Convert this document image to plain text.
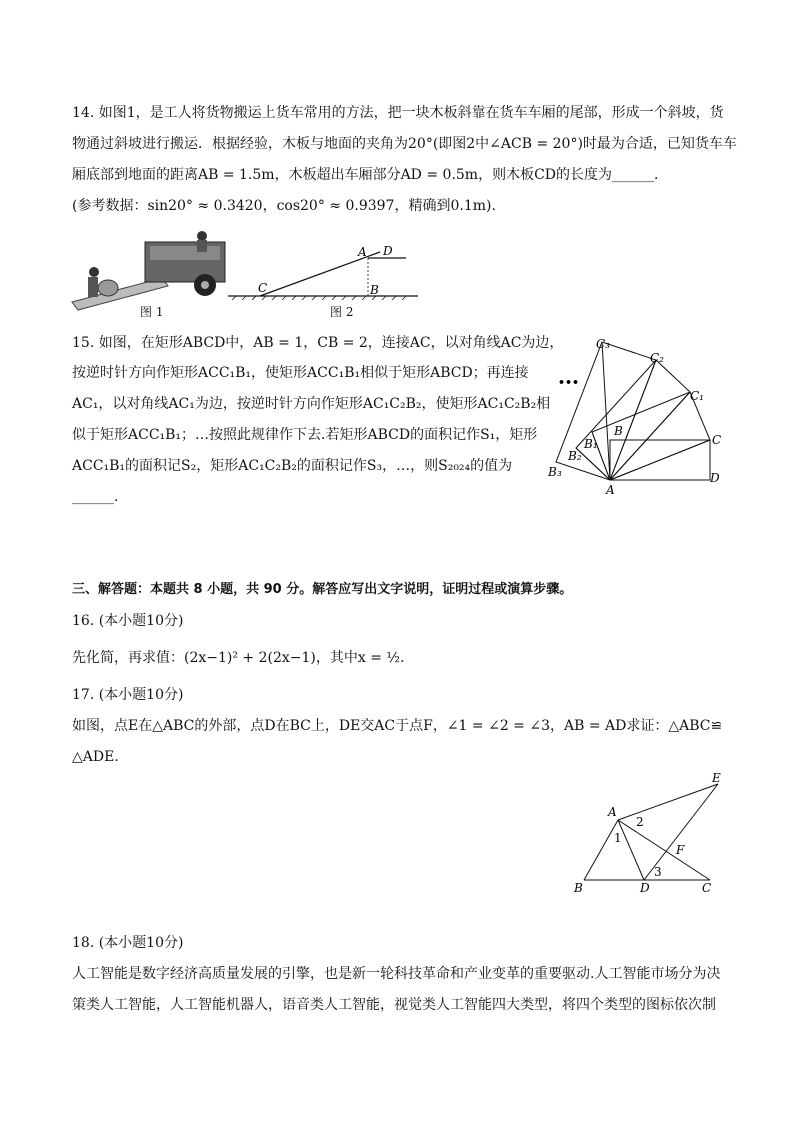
14. 如图1，是工人将货物搬运上货车常用的方法，把一块木板斜靠在货车车厢的尾部，形成一个斜坡，货
物通过斜坡进行搬运．根据经验，木板与地面的夹角为20°(即图2中∠ACB = 20°)时最为合适，已知货车车
厢底部到地面的距离AB = 1.5m，木板超出车厢部分AD = 0.5m，则木板CD的长度为______．
(参考数据：sin20° ≈ 0.3420，cos20° ≈ 0.9397，精确到0.1m)．
图 1
A D
C	B
图 2
15. 如图，在矩形ABCD中，AB = 1，CB = 2，连接AC，以对角线AC为边，
按逆时针方向作矩形ACC₁B₁，使矩形ACC₁B₁相似于矩形ABCD；再连接
AC₁，以对角线AC₁为边，按逆时针方向作矩形AC₁C₂B₂，使矩形AC₁C₂B₂相
似于矩形ACC₁B₁；…按照此规律作下去.若矩形ABCD的面积记作S₁，矩形
ACC₁B₁的面积记S₂，矩形AC₁C₂B₂的面积记作S₃，…，则S₂₀₂₄的值为
______.
C₃
C₂
C₁
C
B
B₁
B₂
B₃
A
D
•••
三、解答题：本题共 8 小题，共 90 分。解答应写出文字说明，证明过程或演算步骤。
16. (本小题10分)
先化简，再求值：(2x−1)² + 2(2x−1)，其中x = ½.
17. (本小题10分)
如图，点E在△ABC的外部，点D在BC上，DE交AC于点F，∠1 = ∠2 = ∠3，AB = AD求证：△ABC≌
△ADE.
E
A
2
1
F
3
B	D	C
18. (本小题10分)
人工智能是数字经济高质量发展的引擎，也是新一轮科技革命和产业变革的重要驱动.人工智能市场分为决
策类人工智能，人工智能机器人，语音类人工智能，视觉类人工智能四大类型，将四个类型的图标依次制
